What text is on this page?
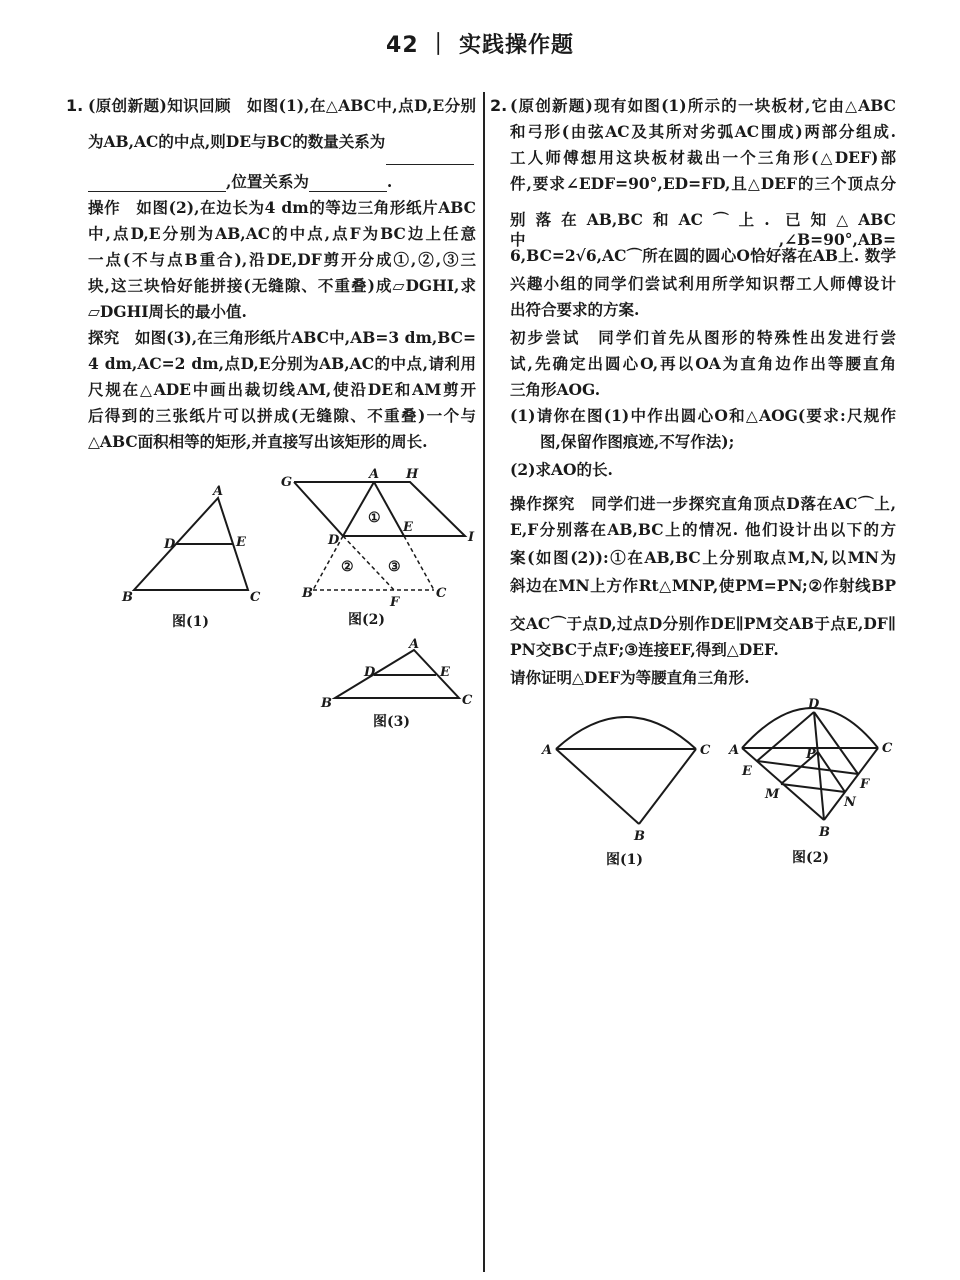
42 ｜ 实践操作题
1. (原创新题)知识回顾　如图(1),在△ABC中,点D,E分别
为AB,AC的中点,则DE与BC的数量关系为
,位置关系为	.
操作　如图(2),在边长为4 dm的等边三角形纸片ABC
中,点D,E分别为AB,AC的中点,点F为BC边上任意
一点(不与点B重合),沿DE,DF剪开分成①,②,③三
块,这三块恰好能拼接(无缝隙、不重叠)成▱DGHI,求
▱DGHI周长的最小值.
探究　如图(3),在三角形纸片ABC中,AB=3 dm,BC=
4 dm,AC=2 dm,点D,E分别为AB,AC的中点,请利用
尺规在△ADE中画出裁切线AM,使沿DE和AM剪开
后得到的三张纸片可以拼成(无缝隙、不重叠)一个与
△ABC面积相等的矩形,并直接写出该矩形的周长.
A
B	C
D	E
图(1)
G
A H
D
E
I
B
F
C
①
② ③
图(2)
A
B	C
D	E
图(3)
2. (原创新题)现有如图(1)所示的一块板材,它由△ABC
和弓形(由弦AC及其所对劣弧AC围成)两部分组成.
工人师傅想用这块板材裁出一个三角形(△DEF)部
件,要求∠EDF=90°,ED=FD,且△DEF的三个顶点分
别落在AB,BC和AC⌒上. 已知△ABC中,∠B=90°,AB=
6,BC=2√6,AC⌒所在圆的圆心O恰好落在AB上. 数学
兴趣小组的同学们尝试利用所学知识帮工人师傅设计
出符合要求的方案.
初步尝试　同学们首先从图形的特殊性出发进行尝
试,先确定出圆心O,再以OA为直角边作出等腰直角
三角形AOG.
(1)请你在图(1)中作出圆心O和△AOG(要求:尺规作
图,保留作图痕迹,不写作法);
(2)求AO的长.
操作探究　同学们进一步探究直角顶点D落在AC⌒上,
E,F分别落在AB,BC上的情况. 他们设计出以下的方
案(如图(2)):①在AB,BC上分别取点M,N,以MN为
斜边在MN上方作Rt△MNP,使PM=PN;②作射线BP
交AC⌒于点D,过点D分别作DE∥PM交AB于点E,DF∥
PN交BC于点F;③连接EF,得到△DEF.
请你证明△DEF为等腰直角三角形.
A	C
B
图(1)
D
A	C
P
E
F
M
N
B
图(2)
